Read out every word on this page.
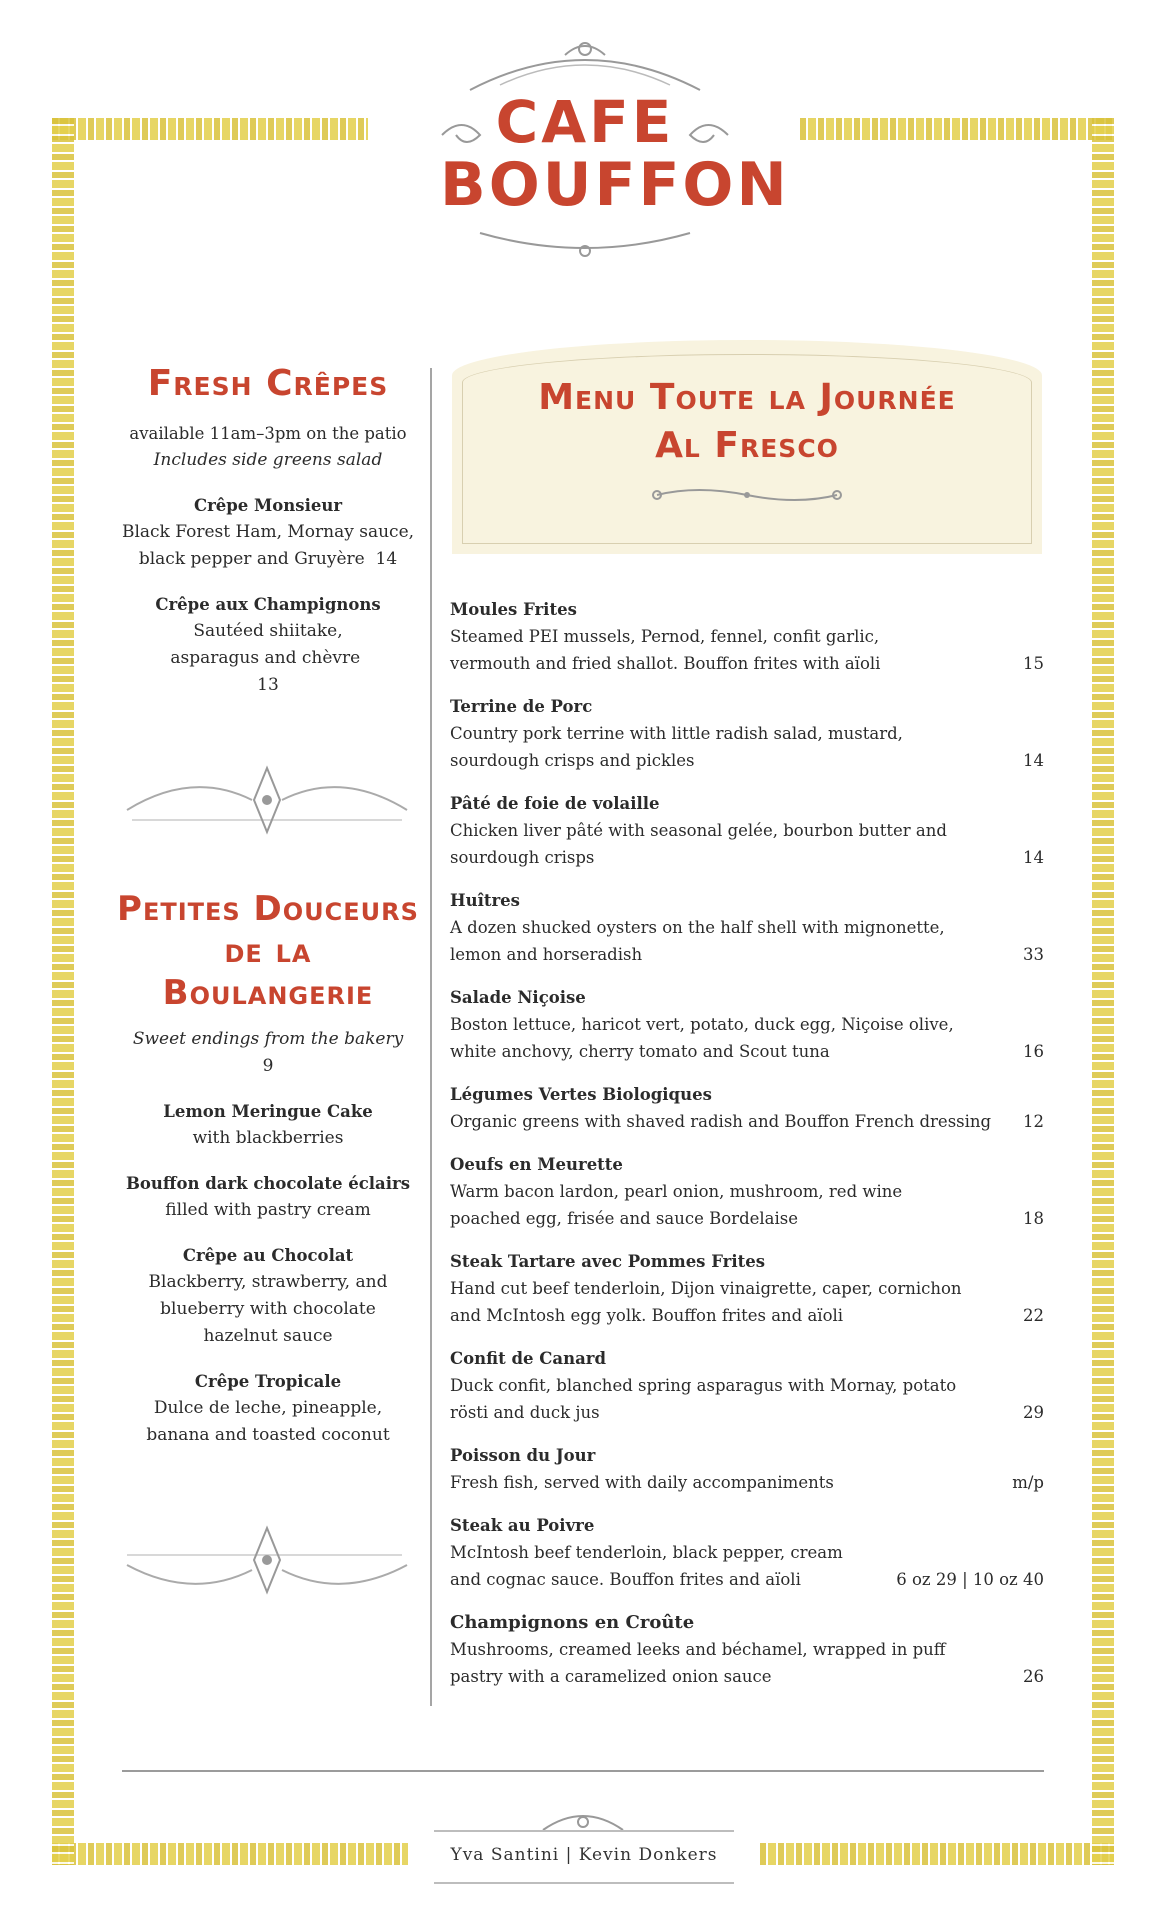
CAFE
BOUFFON
Fresh Crêpes
available 11am–3pm on the patio
Includes side greens salad
Crêpe Monsieur
Black Forest Ham, Mornay sauce, black pepper and Gruyère 14
Crêpe aux Champignons
Sautéed shiitake, asparagus and chèvre  13
Petites Douceurs
de la
Boulangerie
Sweet endings from the bakery
9
Lemon Meringue Cake
with blackberries
Bouffon dark chocolate éclairs
filled with pastry cream
Crêpe au Chocolat
Blackberry, strawberry, and blueberry with chocolate hazelnut sauce
Crêpe Tropicale
Dulce de leche, pineapple, banana and toasted coconut
Menu Toute la Journée
Al Fresco
Moules Frites
Steamed PEI mussels, Pernod, fennel, confit garlic, vermouth and fried shallot. Bouffon frites with aïoli	15
Terrine de Porc
Country pork terrine with little radish salad, mustard, sourdough crisps and pickles	14
Pâté de foie de volaille
Chicken liver pâté with seasonal gelée, bourbon butter and sourdough crisps	14
Huîtres
A dozen shucked oysters on the half shell with mignonette, lemon and horseradish	33
Salade Niçoise
Boston lettuce, haricot vert, potato, duck egg, Niçoise olive, white anchovy, cherry tomato and Scout tuna	16
Légumes Vertes Biologiques
Organic greens with shaved radish and Bouffon French dressing	12
Oeufs en Meurette
Warm bacon lardon, pearl onion, mushroom, red wine poached egg, frisée and sauce Bordelaise	18
Steak Tartare avec Pommes Frites
Hand cut beef tenderloin, Dijon vinaigrette, caper, cornichon and McIntosh egg yolk. Bouffon frites and aïoli	22
Confit de Canard
Duck confit, blanched spring asparagus with Mornay, potato rösti and duck jus	29
Poisson du Jour
Fresh fish, served with daily accompaniments	m/p
Steak au Poivre
McIntosh beef tenderloin, black pepper, cream and cognac sauce. Bouffon frites and aïoli	6 oz 29 | 10 oz 40
Champignons en Croûte
Mushrooms, creamed leeks and béchamel, wrapped in puff pastry with a caramelized onion sauce	26
Yva Santini | Kevin Donkers
